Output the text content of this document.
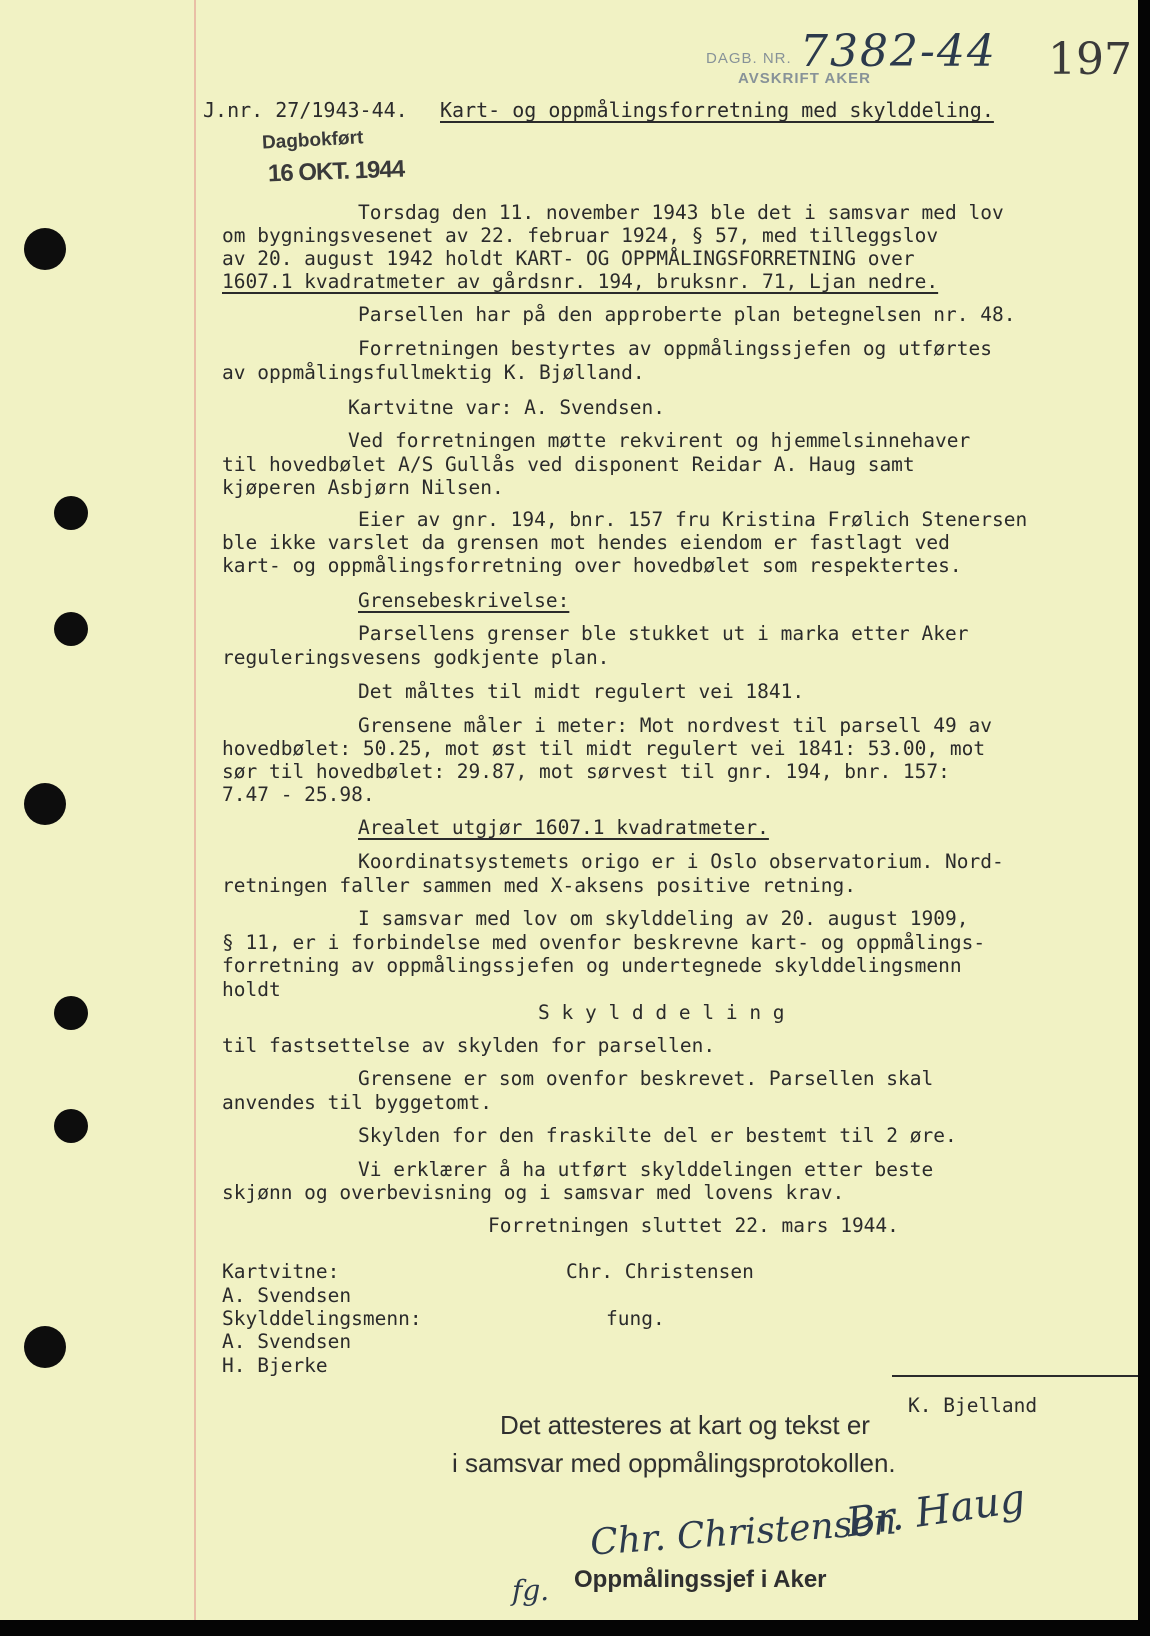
DAGB. NR.
AVSKRIFT AKER
7382-44 197
J.nr. 27/1943-44. Kart- og oppmålingsforretning med skylddeling.
Dagbokført
16 OKT. 1944
Torsdag den 11. november 1943 ble det i samsvar med lov
om bygningsvesenet av 22. februar 1924, § 57, med tilleggslov
av 20. august 1942 holdt KART- OG OPPMÅLINGSFORRETNING over
1607.1 kvadratmeter av gårdsnr. 194, bruksnr. 71, Ljan nedre.
Parsellen har på den approberte plan betegnelsen nr. 48.
Forretningen bestyrtes av oppmålingssjefen og utførtes
av oppmålingsfullmektig K. Bjølland.
Kartvitne var: A. Svendsen.
Ved forretningen møtte rekvirent og hjemmelsinnehaver
til hovedbølet A/S Gullås ved disponent Reidar A. Haug samt
kjøperen Asbjørn Nilsen.
Eier av gnr. 194, bnr. 157 fru Kristina Frølich Stenersen
ble ikke varslet da grensen mot hendes eiendom er fastlagt ved
kart- og oppmålingsforretning over hovedbølet som respektertes.
Grensebeskrivelse:
Parsellens grenser ble stukket ut i marka etter Aker
reguleringsvesens godkjente plan.
Det måltes til midt regulert vei 1841.
Grensene måler i meter: Mot nordvest til parsell 49 av
hovedbølet: 50.25, mot øst til midt regulert vei 1841: 53.00, mot
sør til hovedbølet: 29.87, mot sørvest til gnr. 194, bnr. 157:
7.47 - 25.98.
Arealet utgjør 1607.1 kvadratmeter.
Koordinatsystemets origo er i Oslo observatorium. Nord-
retningen faller sammen med X-aksens positive retning.
I samsvar med lov om skylddeling av 20. august 1909,
§ 11, er i forbindelse med ovenfor beskrevne kart- og oppmålings-
forretning av oppmålingssjefen og undertegnede skylddelingsmenn
holdt
S k y l d d e l i n g
til fastsettelse av skylden for parsellen.
Grensene er som ovenfor beskrevet. Parsellen skal
anvendes til byggetomt.
Skylden for den fraskilte del er bestemt til 2 øre.
Vi erklærer å ha utført skylddelingen etter beste
skjønn og overbevisning og i samsvar med lovens krav.
Forretningen sluttet 22. mars 1944.
Kartvitne:
A. Svendsen
Skylddelingsmenn:
A. Svendsen
H. Bjerke
Chr. Christensen
fung.
K. Bjelland
Det attesteres at kart og tekst er
i samsvar med oppmålingsprotokollen.
Chr. Christensen
Br. Haug
fg. Oppmålingssjef i Aker
